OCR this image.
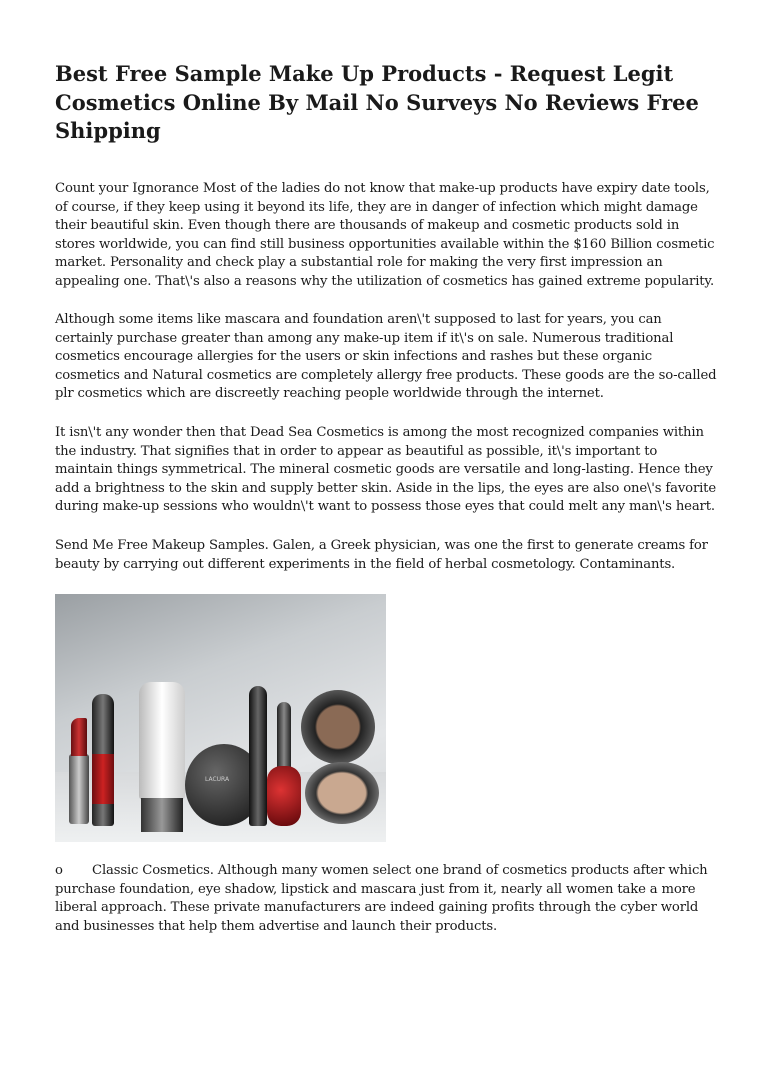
Best Free Sample Make Up Products - Request Legit
Cosmetics Online By Mail No Surveys No Reviews Free
Shipping
Count your Ignorance Most of the ladies do not know that make-up products have expiry date tools,
of course, if they keep using it beyond its life, they are in danger of infection which might damage
their beautiful skin. Even though there are thousands of makeup and cosmetic products sold in
stores worldwide, you can find still business opportunities available within the $160 Billion cosmetic
market. Personality and check play a substantial role for making the very first impression an
appealing one. That\'s also a reasons why the utilization of cosmetics has gained extreme popularity.
Although some items like mascara and foundation aren\'t supposed to last for years, you can
certainly purchase greater than among any make-up item if it\'s on sale. Numerous traditional
cosmetics encourage allergies for the users or skin infections and rashes but these organic
cosmetics and Natural cosmetics are completely allergy free products. These goods are the so-called
plr cosmetics which are discreetly reaching people worldwide through the internet.
It isn\'t any wonder then that Dead Sea Cosmetics is among the most recognized companies within
the industry. That signifies that in order to appear as beautiful as possible, it\'s important to
maintain things symmetrical. The mineral cosmetic goods are versatile and long-lasting. Hence they
add a brightness to the skin and supply better skin. Aside in the lips, the eyes are also one\'s favorite
during make-up sessions who wouldn\'t want to possess those eyes that could melt any man\'s heart.
Send Me Free Makeup Samples. Galen, a Greek physician, was one the first to generate creams for
beauty by carrying out different experiments in the field of herbal cosmetology. Contaminants.
LACURA
o	Classic Cosmetics. Although many women select one brand of cosmetics products after which
purchase foundation, eye shadow, lipstick and mascara just from it, nearly all women take a more
liberal approach. These private manufacturers are indeed gaining profits through the cyber world
and businesses that help them advertise and launch their products.
